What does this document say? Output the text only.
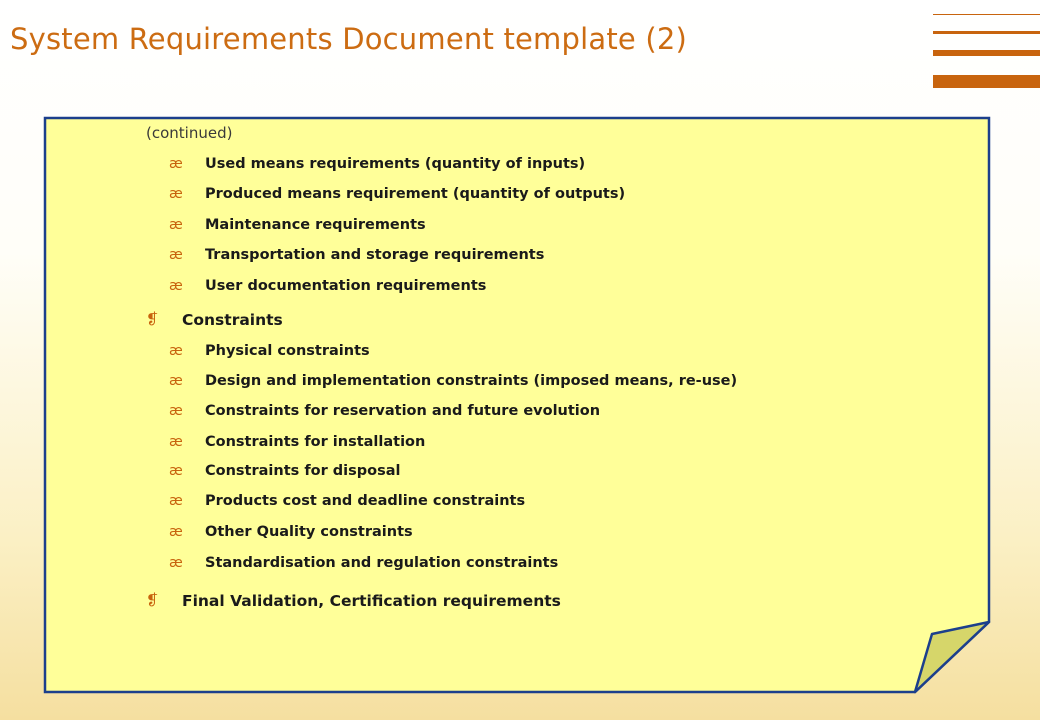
System Requirements Document template (2)
(continued)
æ Used means requirements (quantity of inputs)
æ Produced means requirement (quantity of outputs)
æ Maintenance requirements
æ Transportation and storage requirements
æ User documentation requirements
❡ Constraints
æ Physical constraints
æ Design and implementation constraints (imposed means, re-use)
æ Constraints for reservation and future evolution
æ Constraints for installation
æ Constraints for disposal
æ Products cost and deadline constraints
æ Other Quality constraints
æ Standardisation and regulation constraints
❡ Final Validation, Certification requirements
